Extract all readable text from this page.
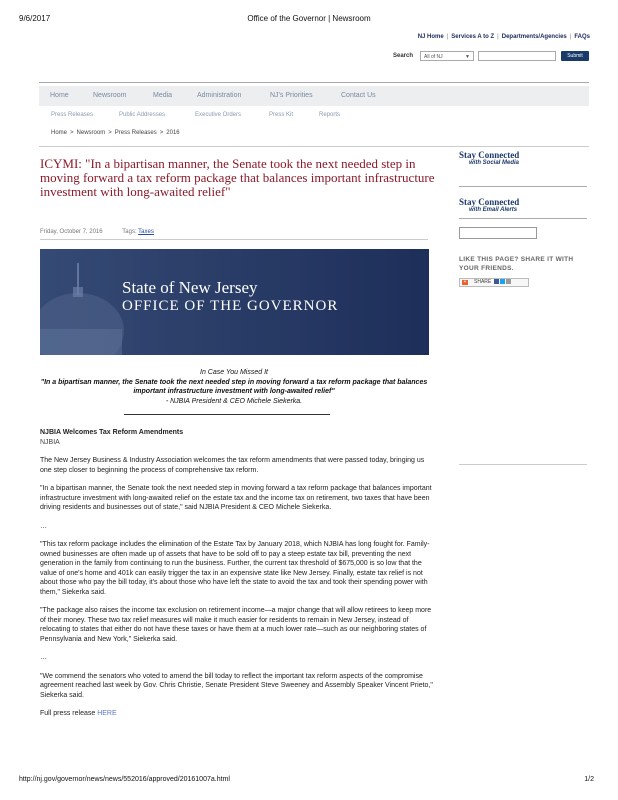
9/6/2017	Office of the Governor | Newsroom
NJ Home | Services A to Z | Departments/Agencies | FAQs
Search	All of NJ	▼	Submit
Home	Newsroom	Media	Administration	NJ's Priorities	Contact Us
Press Releases	Public Addresses	Executive Orders	Press Kit	Reports
Home > Newsroom > Press Releases > 2016
ICYMI: "In a bipartisan manner, the Senate took the next needed step in moving forward a tax reform package that balances important infrastructure investment with long-awaited relief"
Friday, October 7, 2016	Tags: Taxes
State of New Jersey
OFFICE OF THE GOVERNOR
In Case You Missed It
"In a bipartisan manner, the Senate took the next needed step in moving forward a tax reform package that balances important infrastructure investment with long-awaited relief"
- NJBIA President & CEO Michele Siekerka.

NJBIA Welcomes Tax Reform Amendments

NJBIA

The New Jersey Business & Industry Association welcomes the tax reform amendments that were passed today, bringing us one step closer to beginning the process of comprehensive tax reform.

"In a bipartisan manner, the Senate took the next needed step in moving forward a tax reform package that balances important infrastructure investment with long-awaited relief on the estate tax and the income tax on retirement, two taxes that have been driving residents and businesses out of state," said NJBIA President & CEO Michele Siekerka.

…

"This tax reform package includes the elimination of the Estate Tax by January 2018, which NJBIA has long fought for. Family-owned businesses are often made up of assets that have to be sold off to pay a steep estate tax bill, preventing the next generation in the family from continuing to run the business. Further, the current tax threshold of $675,000 is so low that the value of one's home and 401k can easily trigger the tax in an expensive state like New Jersey. Finally, estate tax relief is not about those who pay the bill today, it's about those who have left the state to avoid the tax and took their spending power with them," Siekerka said.

"The package also raises the income tax exclusion on retirement income—a major change that will allow retirees to keep more of their money. These two tax relief measures will make it much easier for residents to remain in New Jersey, instead of relocating to states that either do not have these taxes or have them at a much lower rate—such as our neighboring states of Pennsylvania and New York," Siekerka said.

…

"We commend the senators who voted to amend the bill today to reflect the important tax reform aspects of the compromise agreement reached last week by Gov. Chris Christie, Senate President Steve Sweeney and Assembly Speaker Vincent Prieto," Siekerka said.

Full press release HERE

Stay Connected
with Social Media
Stay Connected
with Email Alerts
LIKE THIS PAGE? SHARE IT WITH YOUR FRIENDS.
+	SHARE
http://nj.gov/governor/news/news/552016/approved/20161007a.html	1/2
